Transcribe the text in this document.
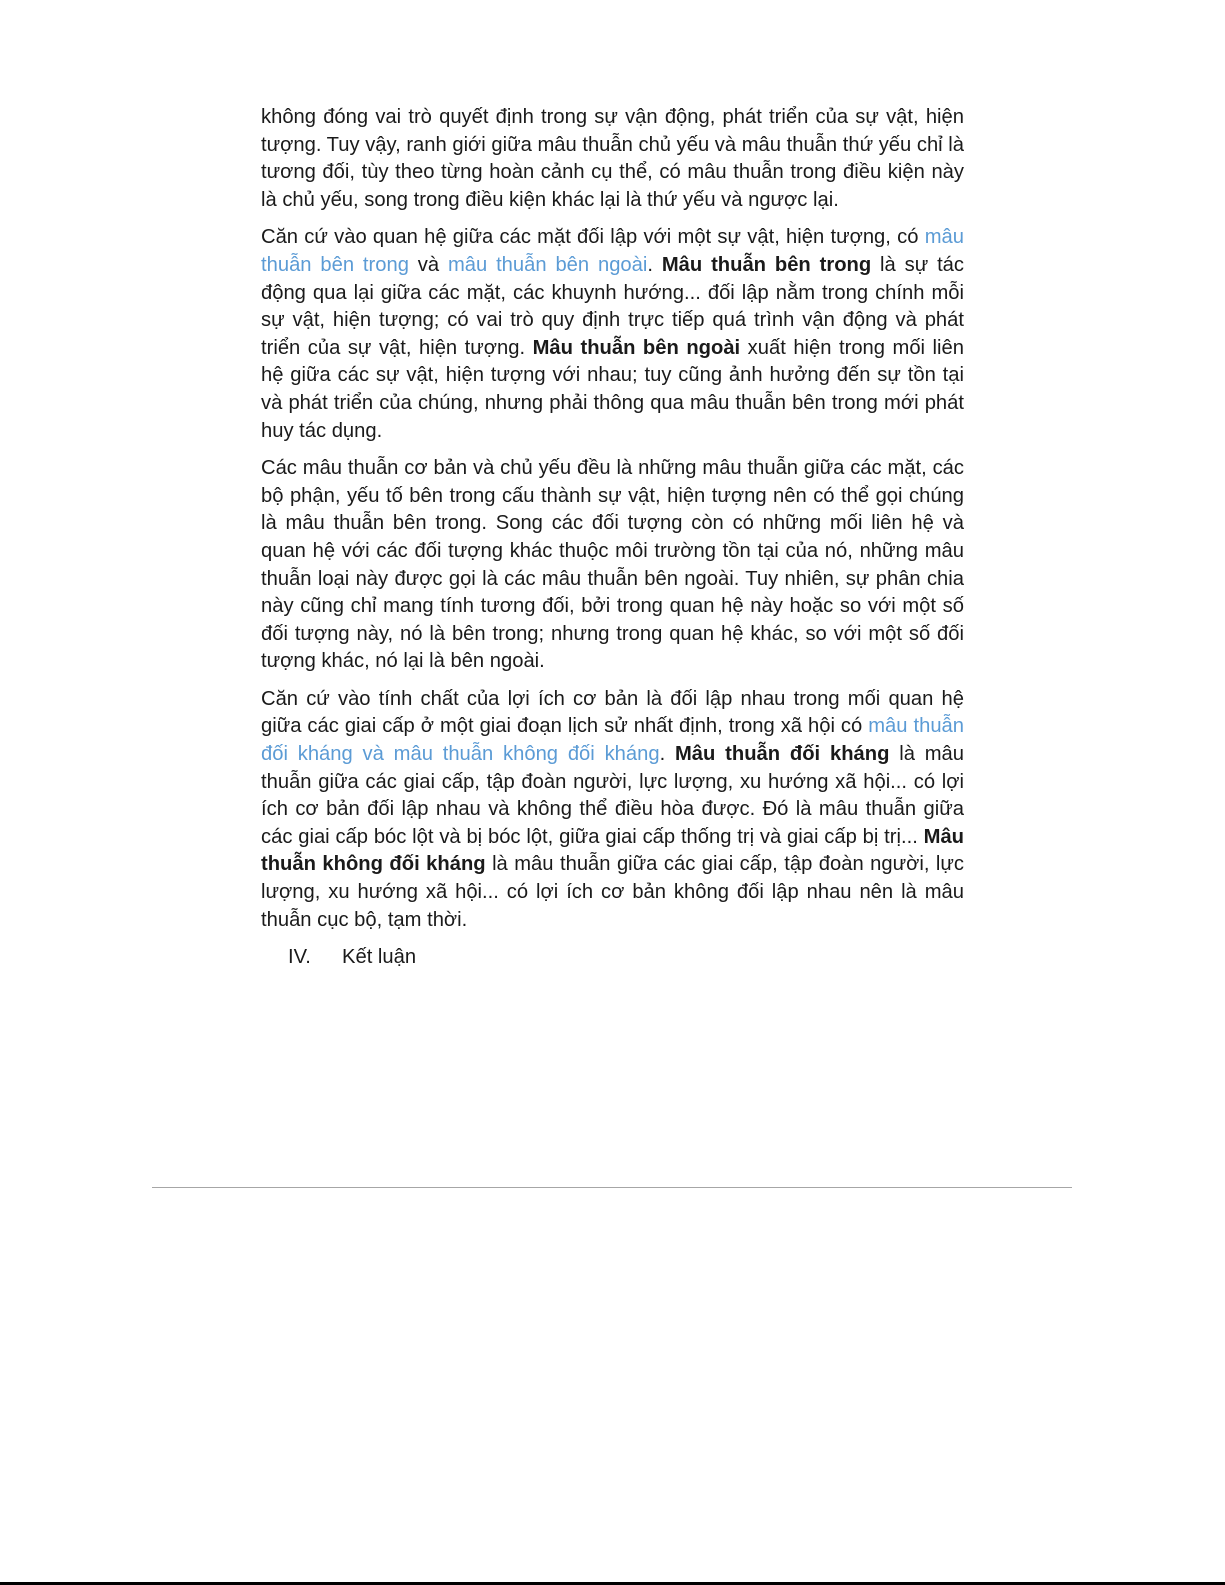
không đóng vai trò quyết định trong sự vận động, phát triển của sự vật, hiện tượng. Tuy vậy, ranh giới giữa mâu thuẫn chủ yếu và mâu thuẫn thứ yếu chỉ là tương đối, tùy theo từng hoàn cảnh cụ thể, có mâu thuẫn trong điều kiện này là chủ yếu, song trong điều kiện khác lại là thứ yếu và ngược lại.

Căn cứ vào quan hệ giữa các mặt đối lập với một sự vật, hiện tượng, có mâu thuẫn bên trong và mâu thuẫn bên ngoài. Mâu thuẫn bên trong là sự tác động qua lại giữa các mặt, các khuynh hướng... đối lập nằm trong chính mỗi sự vật, hiện tượng; có vai trò quy định trực tiếp quá trình vận động và phát triển của sự vật, hiện tượng. Mâu thuẫn bên ngoài xuất hiện trong mối liên hệ giữa các sự vật, hiện tượng với nhau; tuy cũng ảnh hưởng đến sự tồn tại và phát triển của chúng, nhưng phải thông qua mâu thuẫn bên trong mới phát huy tác dụng.

Các mâu thuẫn cơ bản và chủ yếu đều là những mâu thuẫn giữa các mặt, các bộ phận, yếu tố bên trong cấu thành sự vật, hiện tượng nên có thể gọi chúng là mâu thuẫn bên trong. Song các đối tượng còn có những mối liên hệ và quan hệ với các đối tượng khác thuộc môi trường tồn tại của nó, những mâu thuẫn loại này được gọi là các mâu thuẫn bên ngoài. Tuy nhiên, sự phân chia này cũng chỉ mang tính tương đối, bởi trong quan hệ này hoặc so với một số đối tượng này, nó là bên trong; nhưng trong quan hệ khác, so với một số đối tượng khác, nó lại là bên ngoài.

Căn cứ vào tính chất của lợi ích cơ bản là đối lập nhau trong mối quan hệ giữa các giai cấp ở một giai đoạn lịch sử nhất định, trong xã hội có mâu thuẫn đối kháng và mâu thuẫn không đối kháng. Mâu thuẫn đối kháng là mâu thuẫn giữa các giai cấp, tập đoàn người, lực lượng, xu hướng xã hội... có lợi ích cơ bản đối lập nhau và không thể điều hòa được. Đó là mâu thuẫn giữa các giai cấp bóc lột và bị bóc lột, giữa giai cấp thống trị và giai cấp bị trị... Mâu thuẫn không đối kháng là mâu thuẫn giữa các giai cấp, tập đoàn người, lực lượng, xu hướng xã hội... có lợi ích cơ bản không đối lập nhau nên là mâu thuẫn cục bộ, tạm thời.

IV.	Kết luận
